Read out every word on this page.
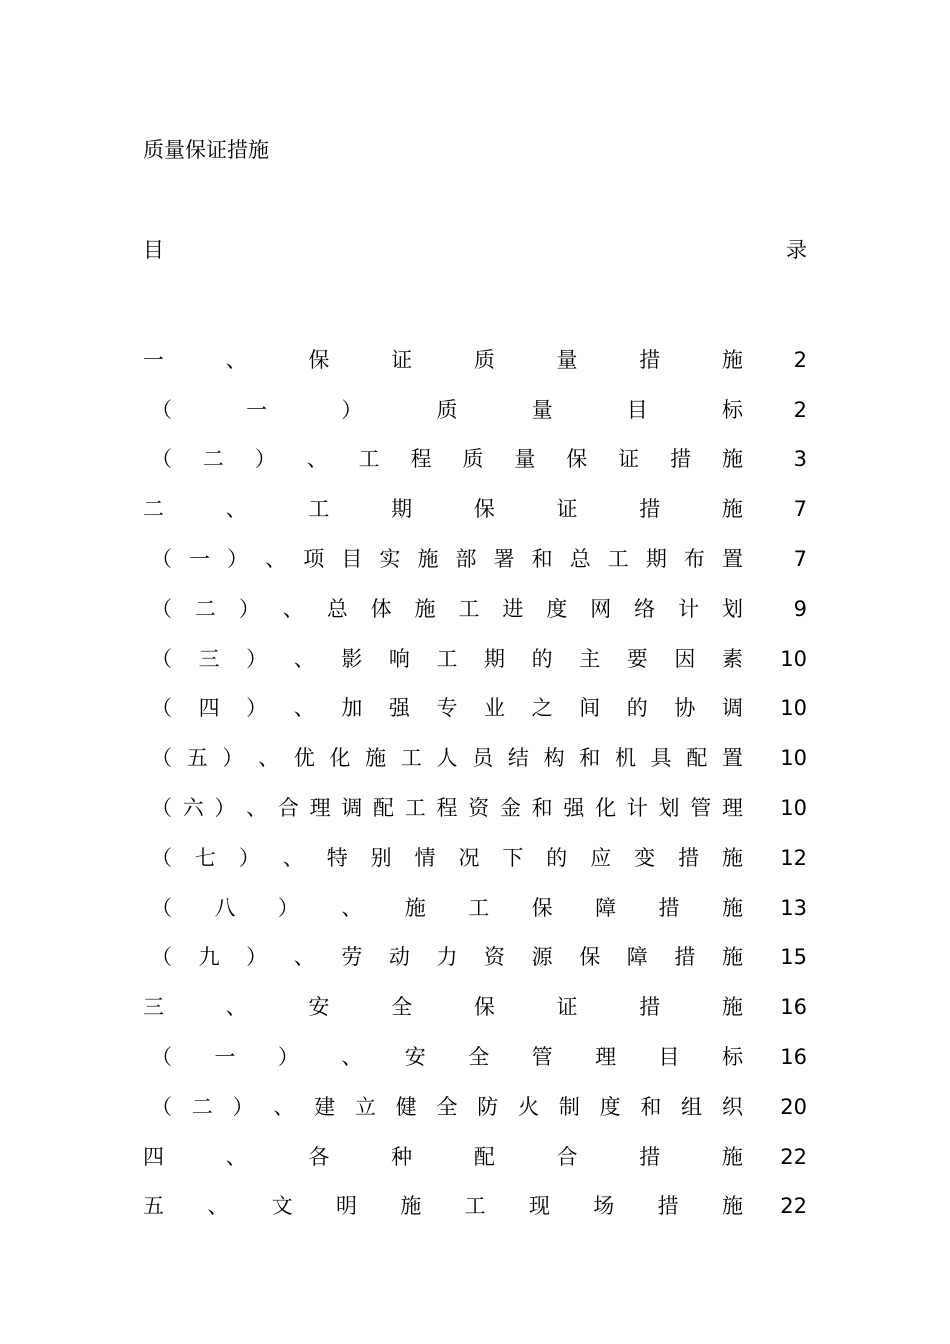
质量保证措施
目	录
一	、	保	证	质	量	措	施	2
（	一	）	质	量	目	标	2
（ 二 ） 、 工 程 质 量 保 证 措 施	3
二	、	工	期	保	证	措	施	7
（ 一 ） 、 项 目 实 施 部 署 和 总 工 期 布 置	7
（ 二 ） 、 总 体 施 工 进 度 网 络 计 划	9
（ 三 ） 、 影 响 工 期 的 主 要 因 素	10
（ 四 ） 、 加 强 专 业 之 间 的 协 调	10
（ 五 ） 、 优 化 施 工 人 员 结 构 和 机 具 配 置	10
（ 六 ） 、 合 理 调 配 工 程 资 金 和 强 化 计 划 管 理	10
（ 七 ） 、 特 别 情 况 下 的 应 变 措 施	12
（ 八 ） 、 施 工 保 障 措 施	13
（ 九 ） 、 劳 动 力 资 源 保 障 措 施	15
三	、	安	全	保	证	措	施	16
（ 一 ） 、 安 全 管 理 目 标	16
（ 二 ） 、 建 立 健 全 防 火 制 度 和 组 织	20
四	、	各	种	配	合	措	施	22
五 、 文 明 施 工 现 场 措 施	22
